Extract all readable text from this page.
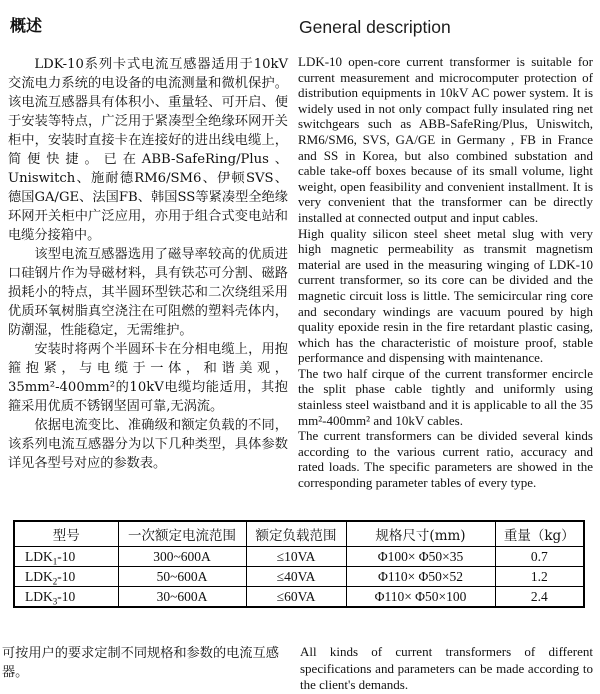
概述

LDK-10系列卡式电流互感器适用于10kV交流电力系统的电设备的电流测量和微机保护。该电流互感器具有体积小、重量轻、可开启、便于安装等特点，广泛用于紧凑型全绝缘环网开关柜中，安装时直接卡在连接好的进出线电缆上，简便快捷。已在ABB-SafeRing/Plus、Uniswitch、施耐德RM6/SM6、伊顿SVS、德国GA/GE、法国FB、韩国SS等紧凑型全绝缘环网开关柜中广泛应用，亦用于组合式变电站和电缆分接箱中。

该型电流互感器选用了磁导率较高的优质进口硅钢片作为导磁材料，具有铁芯可分割、磁路损耗小的特点，其半圆环型铁芯和二次绕组采用优质环氧树脂真空浇注在可阻燃的塑料壳体内，防潮湿，性能稳定，无需维护。

安装时将两个半圆环卡在分相电缆上，用抱箍抱紧，与电缆于一体，和谐美观，35mm²-400mm²的10kV电缆均能适用，其抱箍采用优质不锈钢坚固可靠,无涡流。

依据电流变比、准确级和额定负载的不同，该系列电流互感器分为以下几种类型，具体参数详见各型号对应的参数表。

General description

LDK-10 open-core current transformer is suitable for current measurement and microcomputer protection of distribution equipments in 10kV AC power system. It is widely used in not only compact fully insulated ring net switchgears such as ABB-SafeRing/Plus, Uniswitch, RM6/SM6, SVS, GA/GE in Germany , FB in France and SS in Korea, but also combined substation and cable take-off boxes because of its small volume, light weight, open feasibility and convenient installment. It is very convenient that the transformer can be directly installed at connected output and input cables.

High quality silicon steel sheet metal slug with very high magnetic permeability as transmit magnetism material are used in the measuring winging of LDK-10 current transformer, so its core can be divided and the magnetic circuit loss is little. The semicircular ring core and secondary windings are vacuum poured by high quality epoxide resin in the fire retardant plastic casing, which has the characteristic of moisture proof, stable performance and dispensing with maintenance.

The two half cirque of the current transformer encircle the split phase cable tightly and uniformly using stainless steel waistband and it is applicable to all the 35 mm²-400mm² and 10kV cables.

The current transformers can be divided several kinds according to the various current ratio, accuracy and rated loads. The specific parameters are showed in the corresponding parameter tables of every type.

型号	一次额定电流范围	额定负载范围	规格尺寸(mm)	重量（kg）
$LDK_1-10$	300~600A	≤10VA	Φ100× Φ50×35	0.7
$LDK_2-10$	50~600A	≤40VA	Φ110× Φ50×52	1.2
$LDK_3-10$	30~600A	≤60VA	Φ110× Φ50×100	2.4

可按用户的要求定制不同规格和参数的电流互感器。

All kinds of current transformers of different specifications and parameters can be made according to the client's demands.
